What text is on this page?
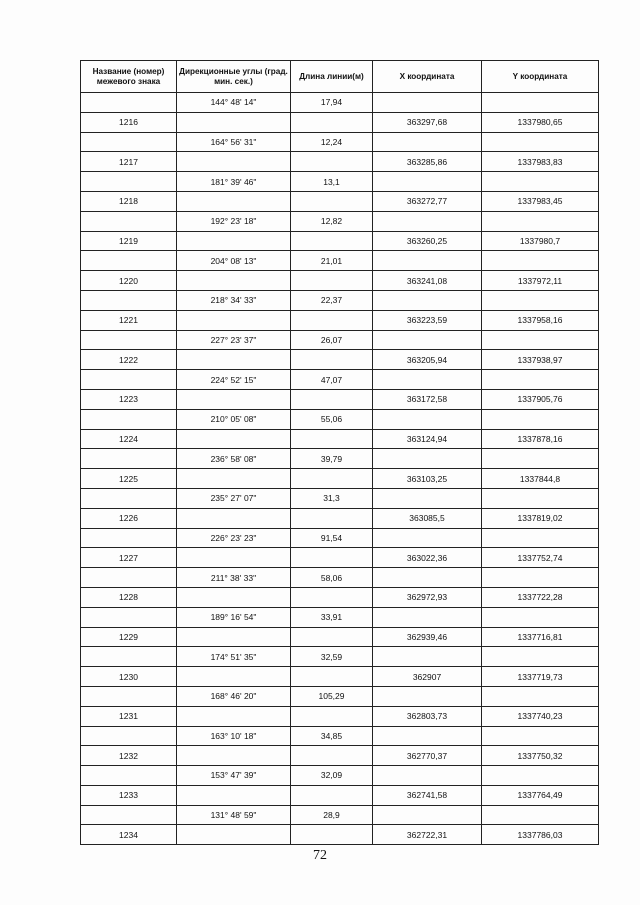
Название (номер) межевого знака	Дирекционные углы (град. мин. сек.)	Длина линии(м)	X координата	Y координата
	144° 48' 14"	17,94		
1216			363297,68	1337980,65
	164° 56' 31"	12,24		
1217			363285,86	1337983,83
	181° 39' 46"	13,1		
1218			363272,77	1337983,45
	192° 23' 18"	12,82		
1219			363260,25	1337980,7
	204° 08' 13"	21,01		
1220			363241,08	1337972,11
	218° 34' 33"	22,37		
1221			363223,59	1337958,16
	227° 23' 37"	26,07		
1222			363205,94	1337938,97
	224° 52' 15"	47,07		
1223			363172,58	1337905,76
	210° 05' 08"	55,06		
1224			363124,94	1337878,16
	236° 58' 08"	39,79		
1225			363103,25	1337844,8
	235° 27' 07"	31,3		
1226			363085,5	1337819,02
	226° 23' 23"	91,54		
1227			363022,36	1337752,74
	211° 38' 33"	58,06		
1228			362972,93	1337722,28
	189° 16' 54"	33,91		
1229			362939,46	1337716,81
	174° 51' 35"	32,59		
1230			362907	1337719,73
	168° 46' 20"	105,29		
1231			362803,73	1337740,23
	163° 10' 18"	34,85		
1232			362770,37	1337750,32
	153° 47' 39"	32,09		
1233			362741,58	1337764,49
	131° 48' 59"	28,9		
1234			362722,31	1337786,03
72
